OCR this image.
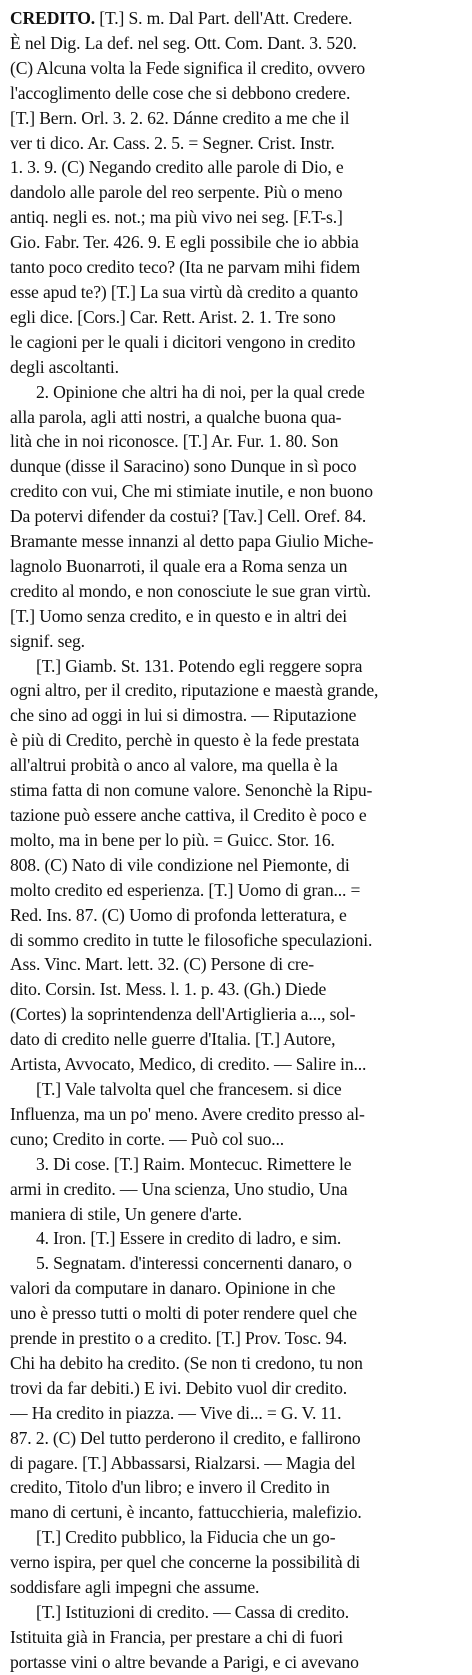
CREDITO. [T.] S. m. Dal Part. dell'Att. Credere.
È nel Dig. La def. nel seg. Ott. Com. Dant. 3. 520.
(C) Alcuna volta la Fede significa il credito, ovvero
l'accoglimento delle cose che si debbono credere.
[T.] Bern. Orl. 3. 2. 62. Dánne credito a me che il
ver ti dico. Ar. Cass. 2. 5. = Segner. Crist. Instr.
1. 3. 9. (C) Negando credito alle parole di Dio, e
dandolo alle parole del reo serpente. Più o meno
antiq. negli es. not.; ma più vivo nei seg. [F.T-s.]
Gio. Fabr. Ter. 426. 9. E egli possibile che io abbia
tanto poco credito teco? (Ita ne parvam mihi fidem
esse apud te?) [T.] La sua virtù dà credito a quanto
egli dice. [Cors.] Car. Rett. Arist. 2. 1. Tre sono
le cagioni per le quali i dicitori vengono in credito
degli ascoltanti.
2. Opinione che altri ha di noi, per la qual crede
alla parola, agli atti nostri, a qualche buona qua-
lità che in noi riconosce. [T.] Ar. Fur. 1. 80. Son
dunque (disse il Saracino) sono Dunque in sì poco
credito con vui, Che mi stimiate inutile, e non buono
Da potervi difender da costui? [Tav.] Cell. Oref. 84.
Bramante messe innanzi al detto papa Giulio Miche-
lagnolo Buonarroti, il quale era a Roma senza un
credito al mondo, e non conosciute le sue gran virtù.
[T.] Uomo senza credito, e in questo e in altri dei
signif. seg.
[T.] Giamb. St. 131. Potendo egli reggere sopra
ogni altro, per il credito, riputazione e maestà grande,
che sino ad oggi in lui si dimostra. — Riputazione
è più di Credito, perchè in questo è la fede prestata
all'altrui probità o anco al valore, ma quella è la
stima fatta di non comune valore. Senonchè la Ripu-
tazione può essere anche cattiva, il Credito è poco e
molto, ma in bene per lo più. = Guicc. Stor. 16.
808. (C) Nato di vile condizione nel Piemonte, di
molto credito ed esperienza. [T.] Uomo di gran... =
Red. Ins. 87. (C) Uomo di profonda letteratura, e
di sommo credito in tutte le filosofiche speculazioni.
Ass. Vinc. Mart. lett. 32. (C) Persone di cre-
dito. Corsin. Ist. Mess. l. 1. p. 43. (Gh.) Diede
(Cortes) la soprintendenza dell'Artiglieria a..., sol-
dato di credito nelle guerre d'Italia. [T.] Autore,
Artista, Avvocato, Medico, di credito. — Salire in...
[T.] Vale talvolta quel che francesem. si dice
Influenza, ma un po' meno. Avere credito presso al-
cuno; Credito in corte. — Può col suo...
3. Di cose. [T.] Raim. Montecuc. Rimettere le
armi in credito. — Una scienza, Uno studio, Una
maniera di stile, Un genere d'arte.
4. Iron. [T.] Essere in credito di ladro, e sim.
5. Segnatam. d'interessi concernenti danaro, o
valori da computare in danaro. Opinione in che
uno è presso tutti o molti di poter rendere quel che
prende in prestito o a credito. [T.] Prov. Tosc. 94.
Chi ha debito ha credito. (Se non ti credono, tu non
trovi da far debiti.) E ivi. Debito vuol dir credito.
— Ha credito in piazza. — Vive di... = G. V. 11.
87. 2. (C) Del tutto perderono il credito, e fallirono
di pagare. [T.] Abbassarsi, Rialzarsi. — Magia del
credito, Titolo d'un libro; e invero il Credito in
mano di certuni, è incanto, fattucchieria, malefizio.
[T.] Credito pubblico, la Fiducia che un go-
verno ispira, per quel che concerne la possibilità di
soddisfare agli impegni che assume.
[T.] Istituzioni di credito. — Cassa di credito.
Istituita già in Francia, per prestare a chi di fuori
portasse vini o altre bevande a Parigi, e ci avevano
